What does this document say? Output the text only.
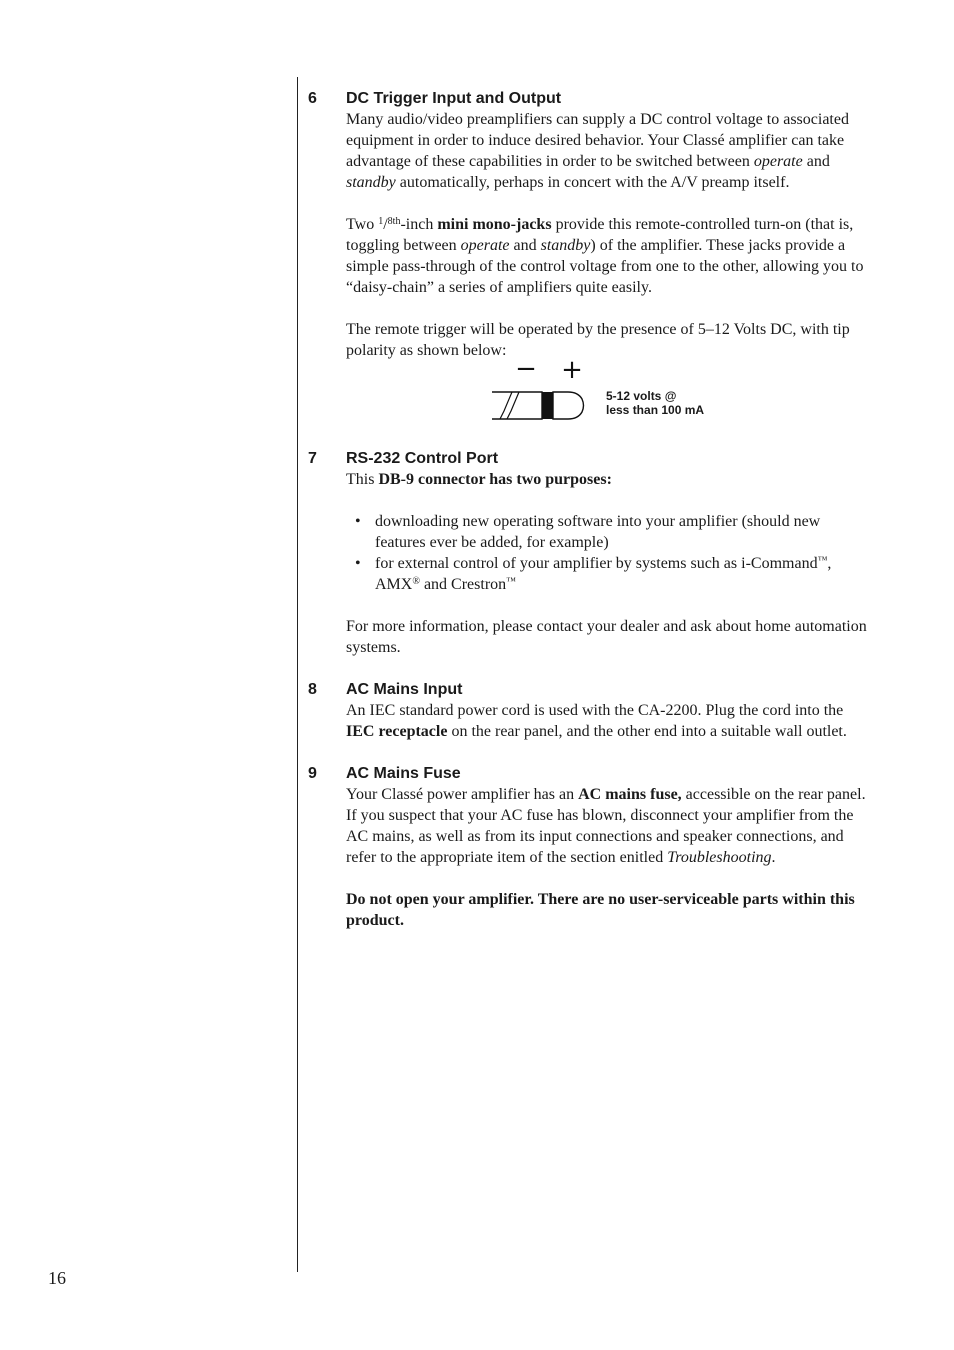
6	DC Trigger Input and Output

Many audio/video preamplifiers can supply a DC control voltage to associated equipment in order to induce desired behavior. Your Classé amplifier can take advantage of these capabilities in order to be switched between operate and standby automatically, perhaps in concert with the A/V preamp itself.

Two $^1$/$^{8th}$-inch mini mono-jacks provide this remote-controlled turn-on (that is, toggling between operate and standby) of the amplifier. These jacks provide a simple pass-through of the control voltage from one to the other, allowing you to “daisy-chain” a series of amplifiers quite easily.

The remote trigger will be operated by the presence of 5–12 Volts DC, with tip polarity as shown below:

− +
5-12 volts @
less than 100 mA
7	RS-232 Control Port

This DB-9 connector has two purposes:

• downloading new operating software into your amplifier (should new features ever be added, for example)
• for external control of your amplifier by systems such as i-Command™, AMX® and Crestron™

For more information, please contact your dealer and ask about home automation systems.

8	AC Mains Input

An IEC standard power cord is used with the CA-2200. Plug the cord into the IEC receptacle on the rear panel, and the other end into a suitable wall outlet.

9	AC Mains Fuse

Your Classé power amplifier has an AC mains fuse, accessible on the rear panel. If you suspect that your AC fuse has blown, disconnect your amplifier from the AC mains, as well as from its input connections and speaker connections, and refer to the appropriate item of the section enitled Troubleshooting.

Do not open your amplifier. There are no user-serviceable parts within this product.

16
